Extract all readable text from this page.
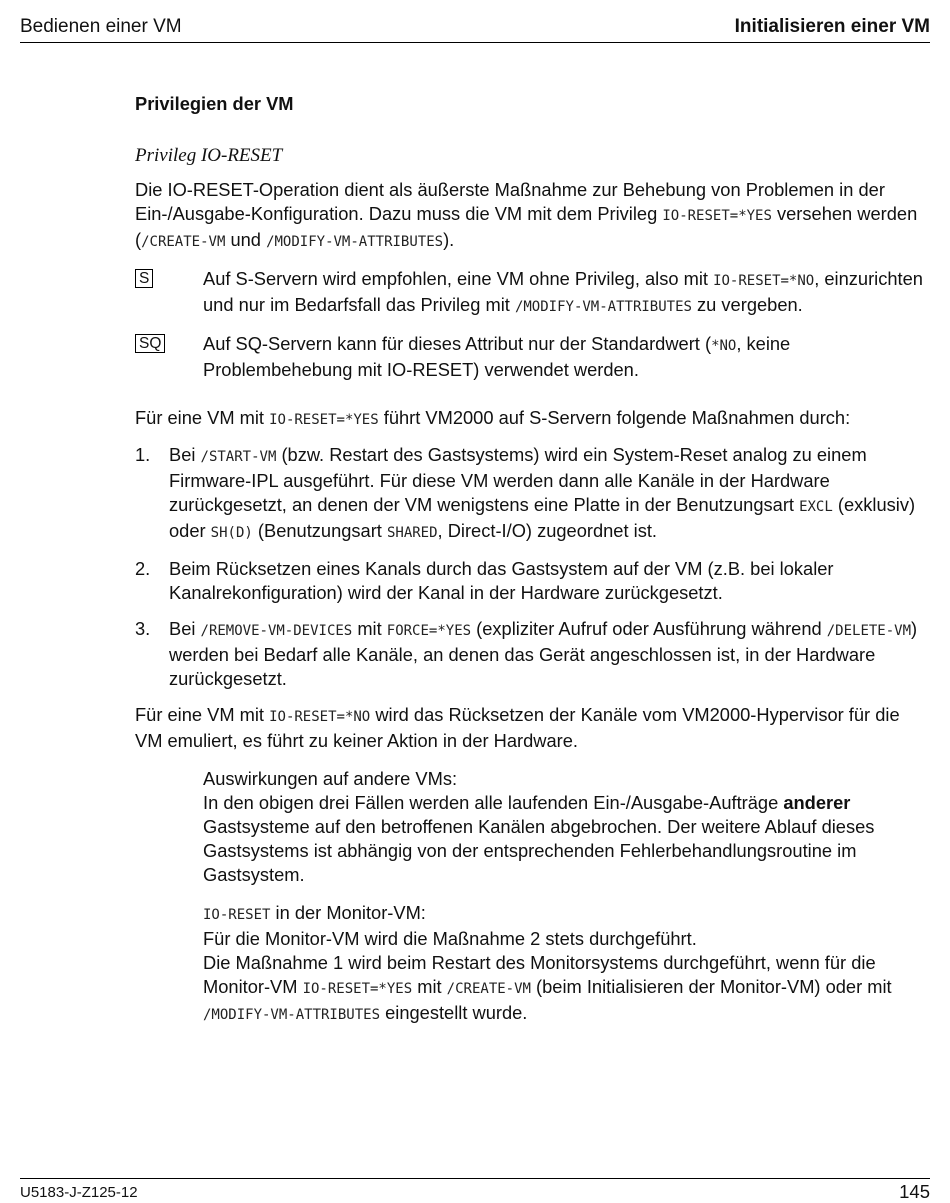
Bedienen einer VM	Initialisieren einer VM
Privilegien der VM
Privileg IO-RESET

Die IO-RESET-Operation dient als äußerste Maßnahme zur Behebung von Problemen in der Ein-/Ausgabe-Konfiguration. Dazu muss die VM mit dem Privileg IO-RESET=*YES versehen werden (/CREATE-VM und /MODIFY-VM-ATTRIBUTES).

S	Auf S-Servern wird empfohlen, eine VM ohne Privileg, also mit IO-RESET=*NO, einzurichten und nur im Bedarfsfall das Privileg mit /MODIFY-VM-ATTRIBUTES zu vergeben.
SQ Auf SQ-Servern kann für dieses Attribut nur der Standardwert (*NO, keine Problembehebung mit IO-RESET) verwendet werden.

Für eine VM mit IO-RESET=*YES führt VM2000 auf S-Servern folgende Maßnahmen durch:

1. Bei /START-VM (bzw. Restart des Gastsystems) wird ein System-Reset analog zu einem Firmware-IPL ausgeführt. Für diese VM werden dann alle Kanäle in der Hardware zurückgesetzt, an denen der VM wenigstens eine Platte in der Benutzungsart EXCL (exklusiv) oder SH(D) (Benutzungsart SHARED, Direct-I/O) zugeordnet ist.
2. Beim Rücksetzen eines Kanals durch das Gastsystem auf der VM (z.B. bei lokaler Kanalrekonfiguration) wird der Kanal in der Hardware zurückgesetzt.
3. Bei /REMOVE-VM-DEVICES mit FORCE=*YES (expliziter Aufruf oder Ausführung während /DELETE-VM) werden bei Bedarf alle Kanäle, an denen das Gerät angeschlossen ist, in der Hardware zurückgesetzt.

Für eine VM mit IO-RESET=*NO wird das Rücksetzen der Kanäle vom VM2000-Hypervisor für die VM emuliert, es führt zu keiner Aktion in der Hardware.

Auswirkungen auf andere VMs:
In den obigen drei Fällen werden alle laufenden Ein-/Ausgabe-Aufträge anderer Gastsysteme auf den betroffenen Kanälen abgebrochen. Der weitere Ablauf dieses Gastsystems ist abhängig von der entsprechenden Fehlerbehandlungsroutine im Gastsystem.
IO-RESET in der Monitor-VM:
Für die Monitor-VM wird die Maßnahme 2 stets durchgeführt.
Die Maßnahme 1 wird beim Restart des Monitorsystems durchgeführt, wenn für die Monitor-VM IO-RESET=*YES mit /CREATE-VM (beim Initialisieren der Monitor-VM) oder mit /MODIFY-VM-ATTRIBUTES eingestellt wurde.
U5183-J-Z125-12	145
